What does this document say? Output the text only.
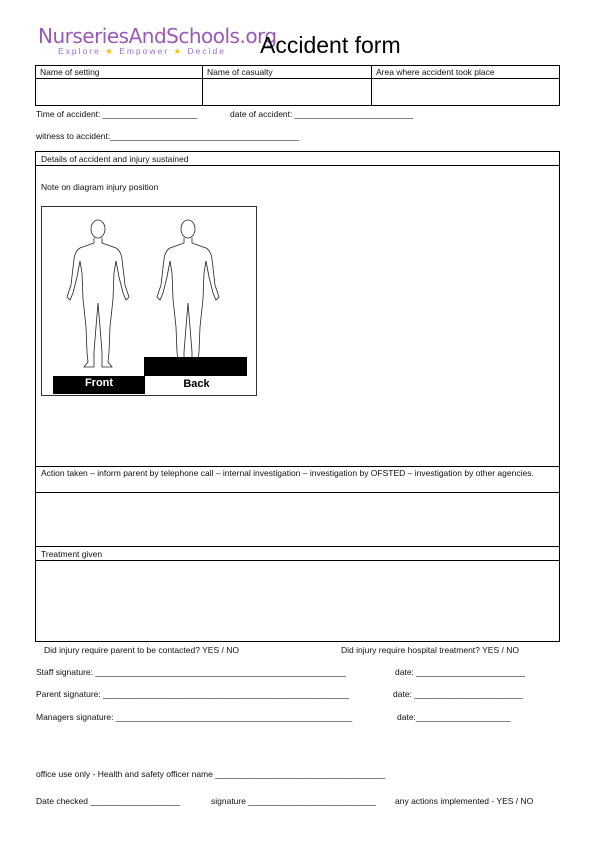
NurseriesAndSchools.org
Explore ★ Empower ★ Decide Accident form
Name of setting	Name of casualty	Area where accident took place
Time of accident: ____________________	date of accident: _________________________
witness to accident:________________________________________
Details of accident and injury sustained
Note on diagram injury position
Front	Back
Action taken – inform parent by telephone call – internal investigation – investigation by OFSTED – investigation by other agencies.
Treatment given
Did injury require parent to be contacted? YES / NO	Did injury require hospital treatment? YES / NO
Staff signature: _____________________________________________________	date: _______________________
Parent signature: ____________________________________________________	date: _______________________
Managers signature: __________________________________________________	date:____________________
office use only - Health and safety officer name ____________________________________
Date checked ___________________	signature ___________________________ any actions implemented - YES / NO
